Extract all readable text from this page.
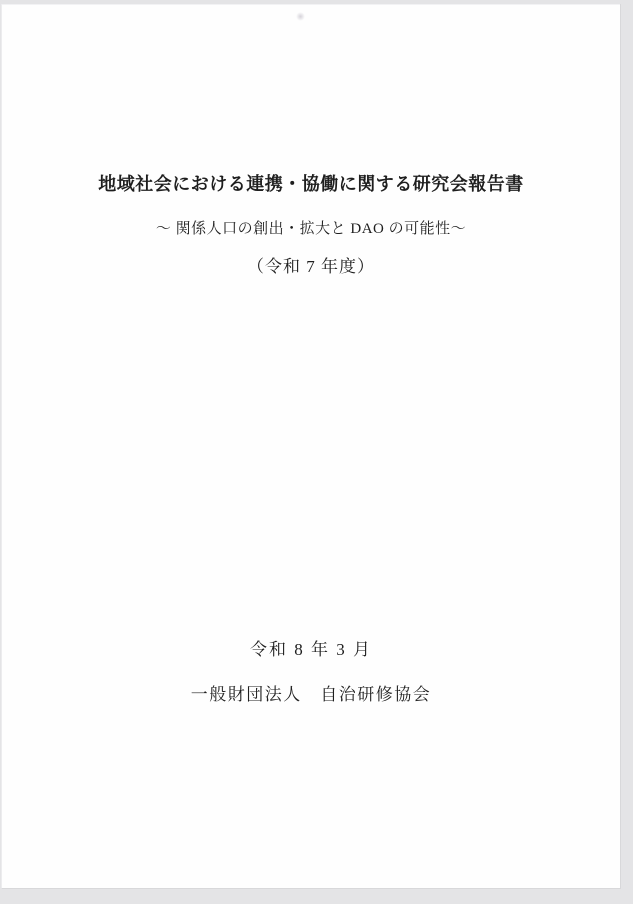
地域社会における連携・協働に関する研究会報告書
～ 関係人口の創出・拡大と DAO の可能性～
（令和 7 年度）
令和 8 年 3 月
一般財団法人　自治研修協会
